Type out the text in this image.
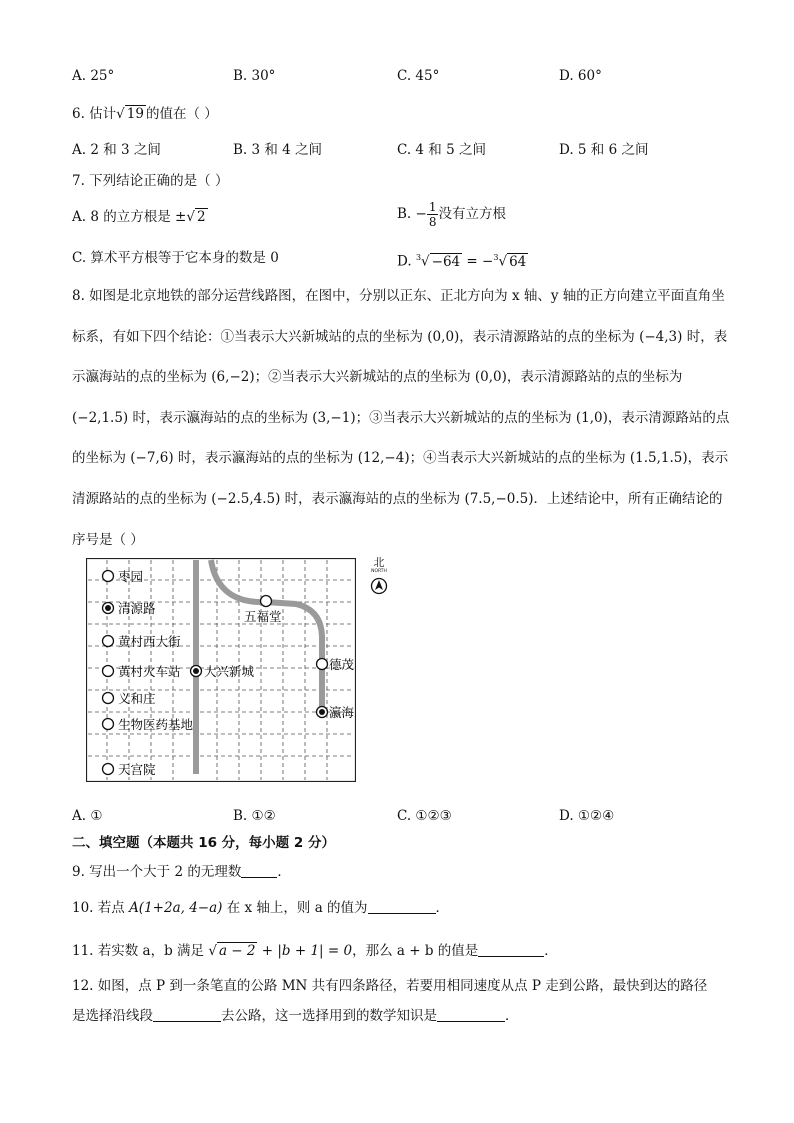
A. 25°	B. 30°	C. 45°	D. 60°
6. 估计√ 19 的值在（ ）
A. 2 和 3 之间	B. 3 和 4 之间	C. 4 和 5 之间	D. 5 和 6 之间
7. 下列结论正确的是（ ）
A. 8 的立方根是 ±√ 2	B. − $\frac{1}{8}$ 没有立方根
C. 算术平方根等于它本身的数是 0	D. $^3$√ −64 = −$^3$√ 64
8. 如图是北京地铁的部分运营线路图，在图中，分别以正东、正北方向为 x 轴、y 轴的正方向建立平面直角坐标系，有如下四个结论：①当表示大兴新城站的点的坐标为 (0,0)，表示清源路站的点的坐标为 (−4,3) 时，表示瀛海站的点的坐标为 (6,−2)；②当表示大兴新城站的点的坐标为 (0,0)，表示清源路站的点的坐标为 (−2,1.5) 时，表示瀛海站的点的坐标为 (3,−1)；③当表示大兴新城站的点的坐标为 (1,0)，表示清源路站的点的坐标为 (−7,6) 时，表示瀛海站的点的坐标为 (12,−4)；④当表示大兴新城站的点的坐标为 (1.5,1.5)，表示清源路站的点的坐标为 (−2.5,4.5) 时，表示瀛海站的点的坐标为 (7.5,−0.5)．上述结论中，所有正确结论的序号是（ ）
枣园
清源路
黄村西大街
黄村火车站 大兴新城
义和庄
生物医药基地
天宫院
五福堂
德茂
瀛海
北
NORTH
A. ①	B. ①②	C. ①②③	D. ①②④
二、填空题（本题共 16 分，每小题 2 分）
9. 写出一个大于 2 的无理数	．
10. 若点 A(1+2a, 4−a) 在 x 轴上，则 a 的值为	．
11. 若实数 a，b 满足 √ a − 2 + |b + 1| = 0，那么 a + b 的值是	．
12. 如图，点 P 到一条笔直的公路 MN 共有四条路径，若要用相同速度从点 P 走到公路，最快到达的路径
是选择沿线段	去公路，这一选择用到的数学知识是	．
